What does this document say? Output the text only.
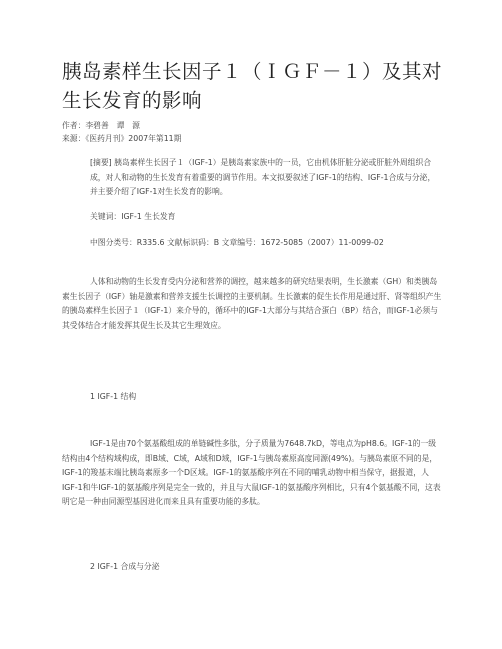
胰岛素样生长因子１（ＩＧＦ－１）及其对生长发育的影响
作者：李碧善　谭　源
来源：《医药月刊》2007年第11期
[摘要] 胰岛素样生长因子１（IGF-1）是胰岛素家族中的一员，它由机体肝脏分泌或肝脏外周组织合成，对人和动物的生长发育有着重要的调节作用。本文拟要叙述了IGF-1的结构、IGF-1合成与分泌，并主要介绍了IGF-1对生长发育的影响。
关键词：IGF-1 生长发育
中图分类号：R335.6 文献标识码：B 文章编号：1672-5085（2007）11-0099-02

人体和动物的生长发育受内分泌和营养的调控，越来越多的研究结果表明，生长激素（GH）和类胰岛素生长因子（IGF）轴是激素和营养支援生长调控的主要机制。生长激素的促生长作用是通过肝、肾等组织产生的胰岛素样生长因子１（IGF-1）来介导的，循环中的IGF-1大部分与其结合蛋白（BP）结合，而IGF-1必须与其受体结合才能发挥其促生长及其它生理效应。

1 IGF-1 结构

IGF-1是由70个氨基酸组成的单链碱性多肽，分子质量为7648.7kD，等电点为pH8.6。IGF-1的一级结构由4个结构域构成，即B域、C域，A域和D域，IGF-1与胰岛素原高度同源(49%)。与胰岛素原不同的是，IGF-1的羧基末端比胰岛素原多一个D区域。IGF-1的氨基酸序列在不同的哺乳动物中相当保守，据报道，人IGF-1和牛IGF-1的氨基酸序列是完全一致的，并且与大鼠IGF-1的氨基酸序列相比，只有4个氨基酸不同，这表明它是一种由同源型基因进化而来且具有重要功能的多肽。

2 IGF-1 合成与分泌
